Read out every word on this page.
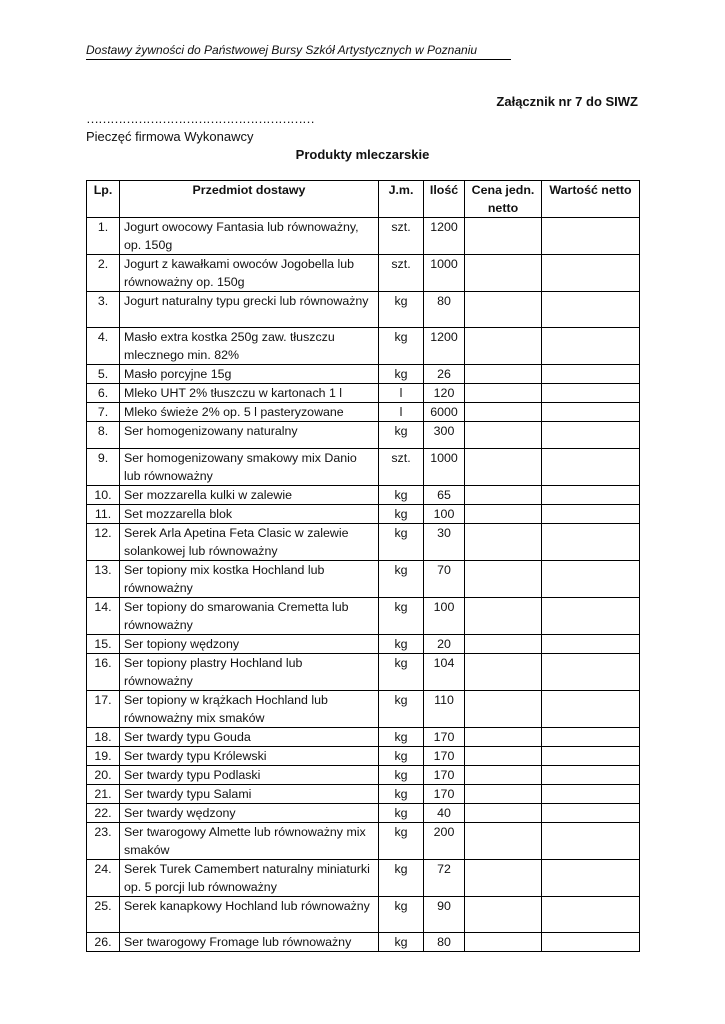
Dostawy żywności do Państwowej Bursy Szkół Artystycznych w Poznaniu
Załącznik nr 7 do SIWZ
…………………………………………………
Pieczęć firmowa Wykonawcy
Produkty mleczarskie
Lp.	Przedmiot dostawy	J.m.	Ilość	Cena jedn. netto	Wartość netto
1.	Jogurt owocowy Fantasia lub równoważny, op. 150g	szt.	1200		
2.	Jogurt z kawałkami owoców Jogobella lub równoważny op. 150g	szt.	1000		
3.	Jogurt naturalny typu grecki lub równoważny	kg	80		
4.	Masło extra kostka 250g zaw. tłuszczu mlecznego min. 82%	kg	1200		
5.	Masło porcyjne 15g	kg	26		
6.	Mleko UHT 2% tłuszczu w kartonach 1 l	l	120		
7.	Mleko świeże 2% op. 5 l pasteryzowane	l	6000		
8.	Ser homogenizowany naturalny	kg	300		
9.	Ser homogenizowany smakowy mix Danio lub równoważny	szt.	1000		
10.	Ser mozzarella kulki w zalewie	kg	65		
11.	Set mozzarella blok	kg	100		
12.	Serek Arla Apetina Feta Clasic w zalewie solankowej lub równoważny	kg	30		
13.	Ser topiony mix kostka Hochland lub równoważny	kg	70		
14.	Ser topiony do smarowania Cremetta lub równoważny	kg	100		
15.	Ser topiony wędzony	kg	20		
16.	Ser topiony plastry Hochland lub równoważny	kg	104		
17.	Ser topiony w krążkach Hochland lub równoważny mix smaków	kg	110		
18.	Ser twardy typu Gouda	kg	170		
19.	Ser twardy typu Królewski	kg	170		
20.	Ser twardy typu Podlaski	kg	170		
21.	Ser twardy typu Salami	kg	170		
22.	Ser twardy wędzony	kg	40		
23.	Ser twarogowy Almette lub równoważny mix smaków	kg	200		
24.	Serek Turek Camembert naturalny miniaturki op. 5 porcji lub równoważny	kg	72		
25.	Serek kanapkowy Hochland lub równoważny	kg	90		
26.	Ser twarogowy Fromage lub równoważny	kg	80		
